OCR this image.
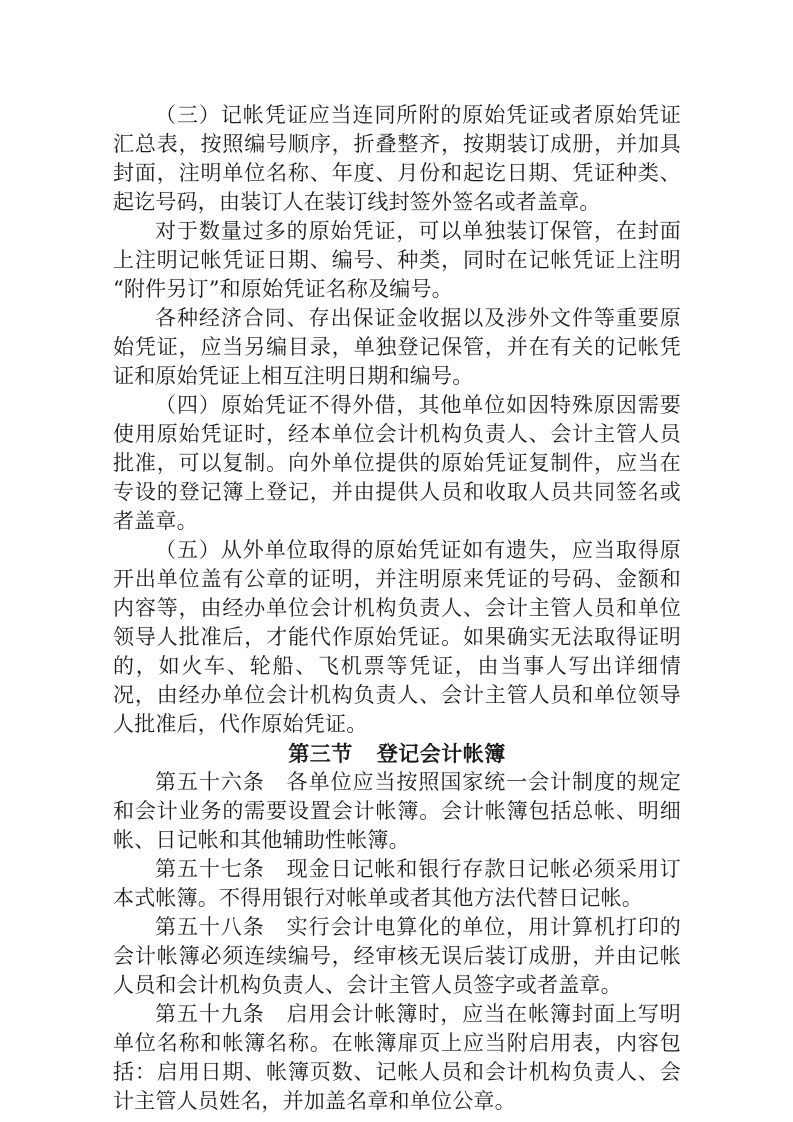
（三）记帐凭证应当连同所附的原始凭证或者原始凭证汇总表，按照编号顺序，折叠整齐，按期装订成册，并加具封面，注明单位名称、年度、月份和起讫日期、凭证种类、起讫号码，由装订人在装订线封签外签名或者盖章。

对于数量过多的原始凭证，可以单独装订保管，在封面上注明记帐凭证日期、编号、种类，同时在记帐凭证上注明“附件另订”和原始凭证名称及编号。

各种经济合同、存出保证金收据以及涉外文件等重要原始凭证，应当另编目录，单独登记保管，并在有关的记帐凭证和原始凭证上相互注明日期和编号。

（四）原始凭证不得外借，其他单位如因特殊原因需要使用原始凭证时，经本单位会计机构负责人、会计主管人员批准，可以复制。向外单位提供的原始凭证复制件，应当在专设的登记簿上登记，并由提供人员和收取人员共同签名或者盖章。

（五）从外单位取得的原始凭证如有遗失，应当取得原开出单位盖有公章的证明，并注明原来凭证的号码、金额和内容等，由经办单位会计机构负责人、会计主管人员和单位领导人批准后，才能代作原始凭证。如果确实无法取得证明的，如火车、轮船、飞机票等凭证，由当事人写出详细情况，由经办单位会计机构负责人、会计主管人员和单位领导人批准后，代作原始凭证。

第三节 登记会计帐簿

第五十六条　各单位应当按照国家统一会计制度的规定和会计业务的需要设置会计帐簿。会计帐簿包括总帐、明细帐、日记帐和其他辅助性帐簿。

第五十七条　现金日记帐和银行存款日记帐必须采用订本式帐簿。不得用银行对帐单或者其他方法代替日记帐。

第五十八条　实行会计电算化的单位，用计算机打印的会计帐簿必须连续编号，经审核无误后装订成册，并由记帐人员和会计机构负责人、会计主管人员签字或者盖章。

第五十九条　启用会计帐簿时，应当在帐簿封面上写明单位名称和帐簿名称。在帐簿扉页上应当附启用表，内容包括：启用日期、帐簿页数、记帐人员和会计机构负责人、会计主管人员姓名，并加盖名章和单位公章。
